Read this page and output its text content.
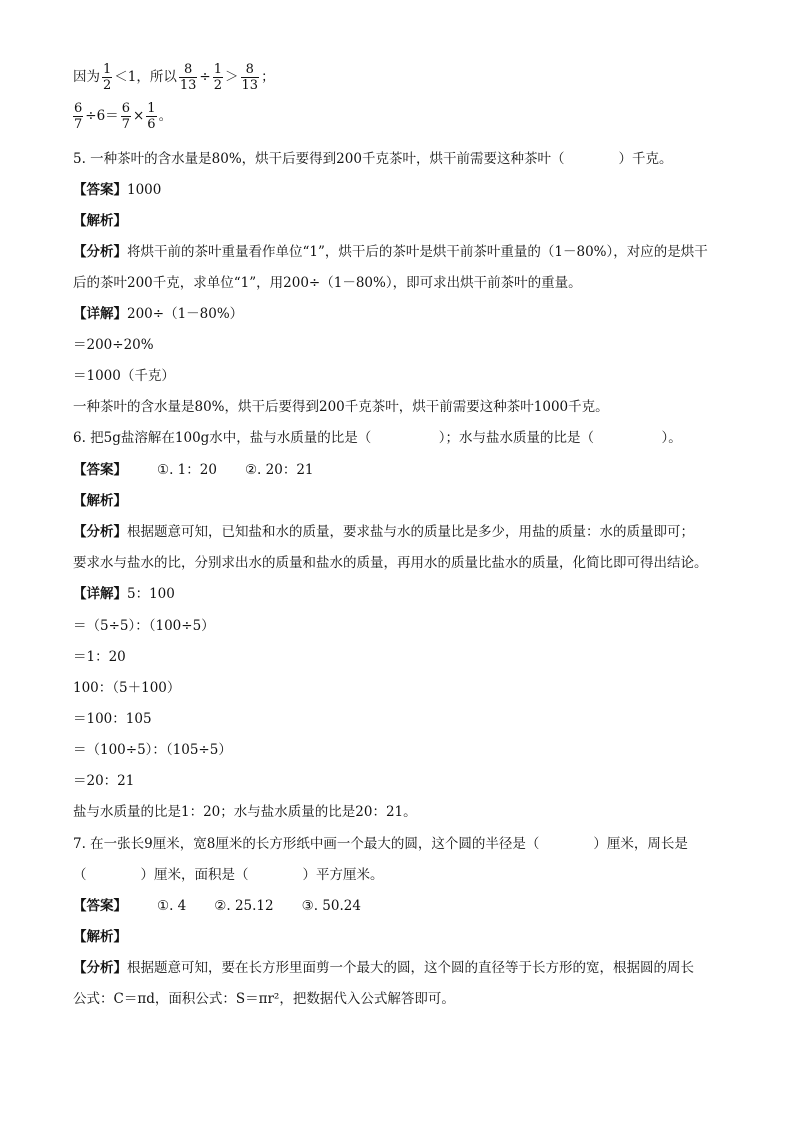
因为 $\frac{1}{2} <1$，所以 $\frac{8}{13} \div \frac{1}{2} > \frac{8}{13}$ ；
$\frac{6}{7} \div 6= \frac{6}{7} \times \frac{1}{6}$ 。
5. 一种茶叶的含水量是80%，烘干后要得到200千克茶叶，烘干前需要这种茶叶（　　　　）千克。
【答案】1000
【解析】
【分析】将烘干前的茶叶重量看作单位“1”，烘干后的茶叶是烘干前茶叶重量的（1－80%），对应的是烘干
后的茶叶200千克，求单位“1”，用200÷（1－80%），即可求出烘干前茶叶的重量。
【详解】200÷（1－80%）
＝200÷20%
＝1000（千克）
一种茶叶的含水量是80%，烘干后要得到200千克茶叶，烘干前需要这种茶叶1000千克。
6. 把5g盐溶解在100g水中，盐与水质量的比是（　　　　　）；水与盐水质量的比是（　　　　　）。
【答案】 ①. 1：20 ②. 20：21
【解析】
【分析】根据题意可知，已知盐和水的质量，要求盐与水的质量比是多少，用盐的质量：水的质量即可；
要求水与盐水的比，分别求出水的质量和盐水的质量，再用水的质量比盐水的质量，化简比即可得出结论。
【详解】5：100
＝（5÷5）：（100÷5）
＝1：20
100：（5＋100）
＝100：105
＝（100÷5）：（105÷5）
＝20：21
盐与水质量的比是1：20；水与盐水质量的比是20：21。
7. 在一张长9厘米，宽8厘米的长方形纸中画一个最大的圆，这个圆的半径是（　　　　）厘米，周长是
（　　　　）厘米，面积是（　　　　）平方厘米。
【答案】 ①. 4 ②. 25.12 ③. 50.24
【解析】
【分析】根据题意可知，要在长方形里面剪一个最大的圆，这个圆的直径等于长方形的宽，根据圆的周长
公式：C＝πd，面积公式：S＝πr²，把数据代入公式解答即可。
